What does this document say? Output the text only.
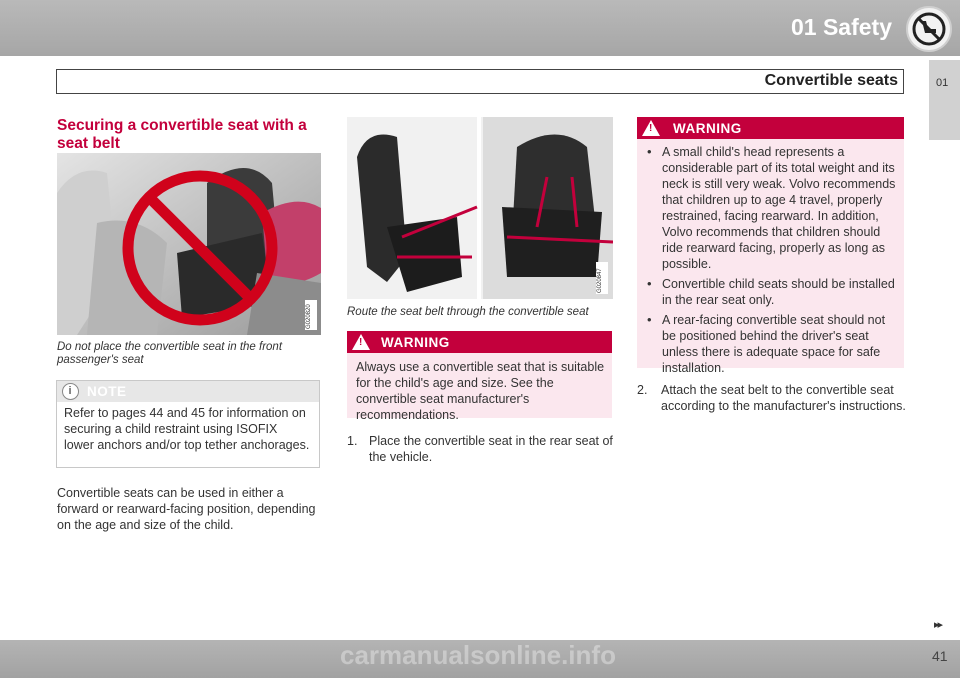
01 Safety
Convertible seats	01
Securing a convertible seat with a seat belt
G020820
Do not place the convertible seat in the front passenger's seat
i	NOTE
Refer to pages 44 and 45 for information on securing a child restraint using ISOFIX lower anchors and/or top tether anchorages.
Convertible seats can be used in either a forward or rearward-facing position, depending on the age and size of the child.
G020847
Route the seat belt through the convertible seat
! WARNING
Always use a convertible seat that is suitable for the child's age and size. See the convertible seat manufacturer's recommendations.
1. Place the convertible seat in the rear seat of the vehicle.
! WARNING
• A small child's head represents a considerable part of its total weight and its neck is still very weak. Volvo recommends that children up to age 4 travel, properly restrained, facing rearward. In addition, Volvo recommends that children should ride rearward facing, properly as long as possible.
• Convertible child seats should be installed in the rear seat only.
• A rear-facing convertible seat should not be positioned behind the driver's seat unless there is adequate space for safe installation.
2.	Attach the seat belt to the convertible seat according to the manufacturer's instructions.
▸▸
carmanualsonline.info	41
